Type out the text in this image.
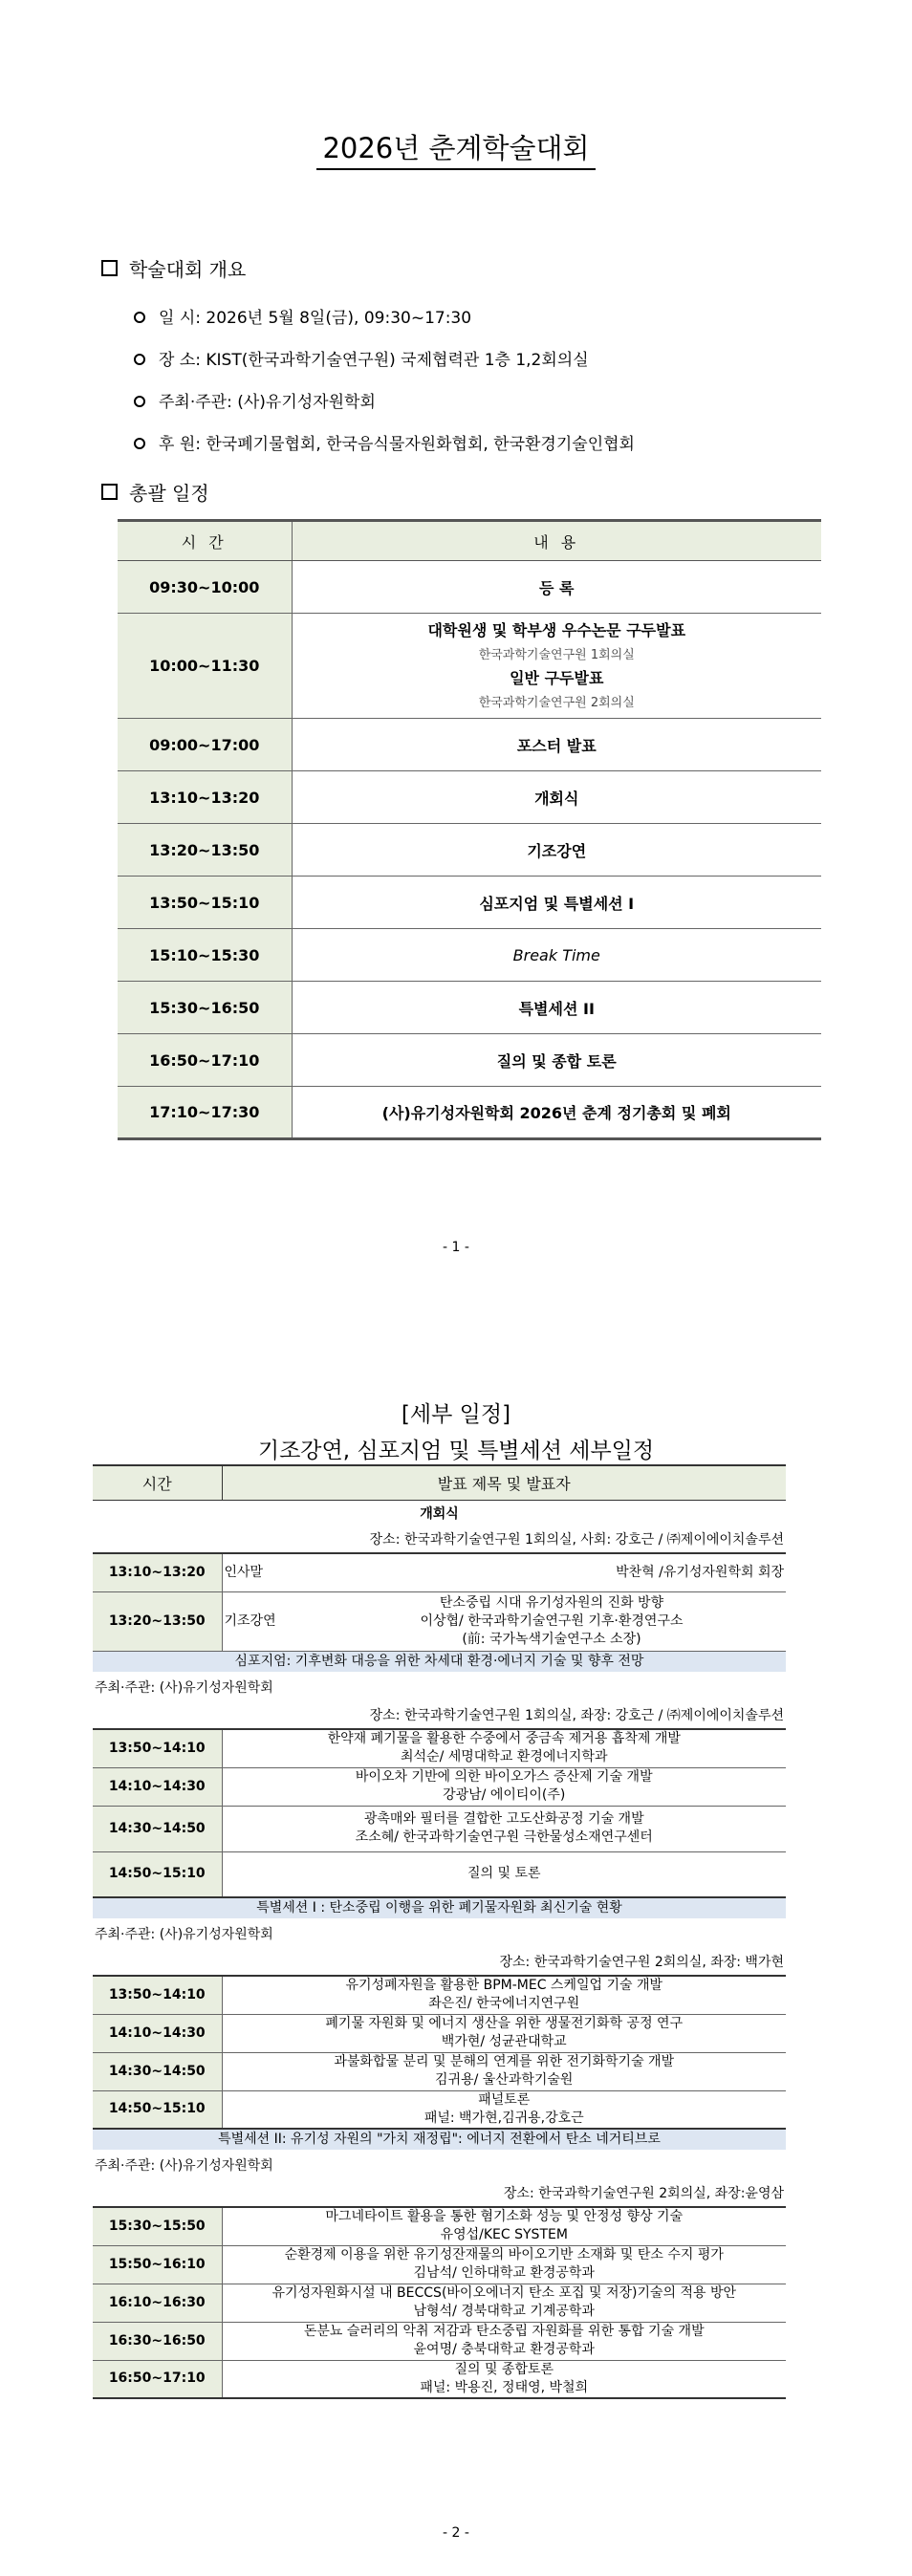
2026년 춘계학술대회
학술대회 개요
일 시: 2026년 5월 8일(금), 09:30~17:30
장 소: KIST(한국과학기술연구원) 국제협력관 1층 1,2회의실
주최·주관: (사)유기성자원학회
후 원: 한국폐기물협회, 한국음식물자원화협회, 한국환경기술인협회
총괄 일정
시 간	내 용
09:30~10:00	등 록
10:00~11:30	대학원생 및 학부생 우수논문 구두발표
한국과학기술연구원 1회의실
일반 구두발표
한국과학기술연구원 2회의실

09:00~17:00	포스터 발표
13:10~13:20	개회식
13:20~13:50	기조강연
13:50~15:10	심포지엄 및 특별세션 I
15:10~15:30	Break Time
15:30~16:50	특별세션 II
16:50~17:10	질의 및 종합 토론
17:10~17:30	(사)유기성자원학회 2026년 춘계 정기총회 및 폐회
- 1 -
[세부 일정]
기조강연, 심포지엄 및 특별세션 세부일정
시간	발표 제목 및 발표자	
개회식		
장소: 한국과학기술연구원 1회의실, 사회: 강호근 / ㈜제이에이치솔루션		
13:10~13:20	인사말	박찬혁 /유기성자원학회 회장
13:20~13:50	기조강연	탄소중립 시대 유기성자원의 진화 방향
이상협/ 한국과학기술연구원 기후·환경연구소
(前: 국가녹색기술연구소 소장)

심포지엄: 기후변화 대응을 위한 차세대 환경·에너지 기술 및 향후 전망		
주최·주관: (사)유기성자원학회		
장소: 한국과학기술연구원 1회의실, 좌장: 강호근 / ㈜제이에이치솔루션		
13:50~14:10	한약재 폐기물을 활용한 수중에서 중금속 제거용 흡착제 개발
최석순/ 세명대학교 환경에너지학과	

14:10~14:30	바이오차 기반에 의한 바이오가스 증산제 기술 개발
강광남/ 에이티이(주)	

14:30~14:50	광촉매와 필터를 결합한 고도산화공정 기술 개발
조소혜/ 한국과학기술연구원 극한물성소재연구센터	

14:50~15:10	질의 및 토론	

특별세션 I : 탄소중립 이행을 위한 폐기물자원화 최신기술 현황		
주최·주관: (사)유기성자원학회		
장소: 한국과학기술연구원 2회의실, 좌장: 백가현		
13:50~14:10	유기성폐자원을 활용한 BPM-MEC 스케일업 기술 개발
좌은진/ 한국에너지연구원	

14:10~14:30	폐기물 자원화 및 에너지 생산을 위한 생물전기화학 공정 연구
백가현/ 성균관대학교	

14:30~14:50	과불화합물 분리 및 분해의 연계를 위한 전기화학기술 개발
김귀용/ 울산과학기술원	

14:50~15:10	패널토론
패널: 백가현,김귀용,강호근	

특별세션 II: 유기성 자원의 "가치 재정립": 에너지 전환에서 탄소 네거티브로		
주최·주관: (사)유기성자원학회		
장소: 한국과학기술연구원 2회의실, 좌장:윤영삼		
15:30~15:50	마그네타이트 활용을 통한 혐기소화 성능 및 안정성 향상 기술
유영섭/KEC SYSTEM	

15:50~16:10	순환경제 이용을 위한 유기성잔재물의 바이오기반 소재화 및 탄소 수지 평가
김남석/ 인하대학교 환경공학과	

16:10~16:30	유기성자원화시설 내 BECCS(바이오에너지 탄소 포집 및 저장)기술의 적용 방안
남형석/ 경북대학교 기계공학과	

16:30~16:50	돈분뇨 슬러리의 악취 저감과 탄소중립 자원화를 위한 통합 기술 개발
윤여명/ 충북대학교 환경공학과	

16:50~17:10	질의 및 종합토론
패널: 박용진, 정태영, 박철희	
- 2 -
